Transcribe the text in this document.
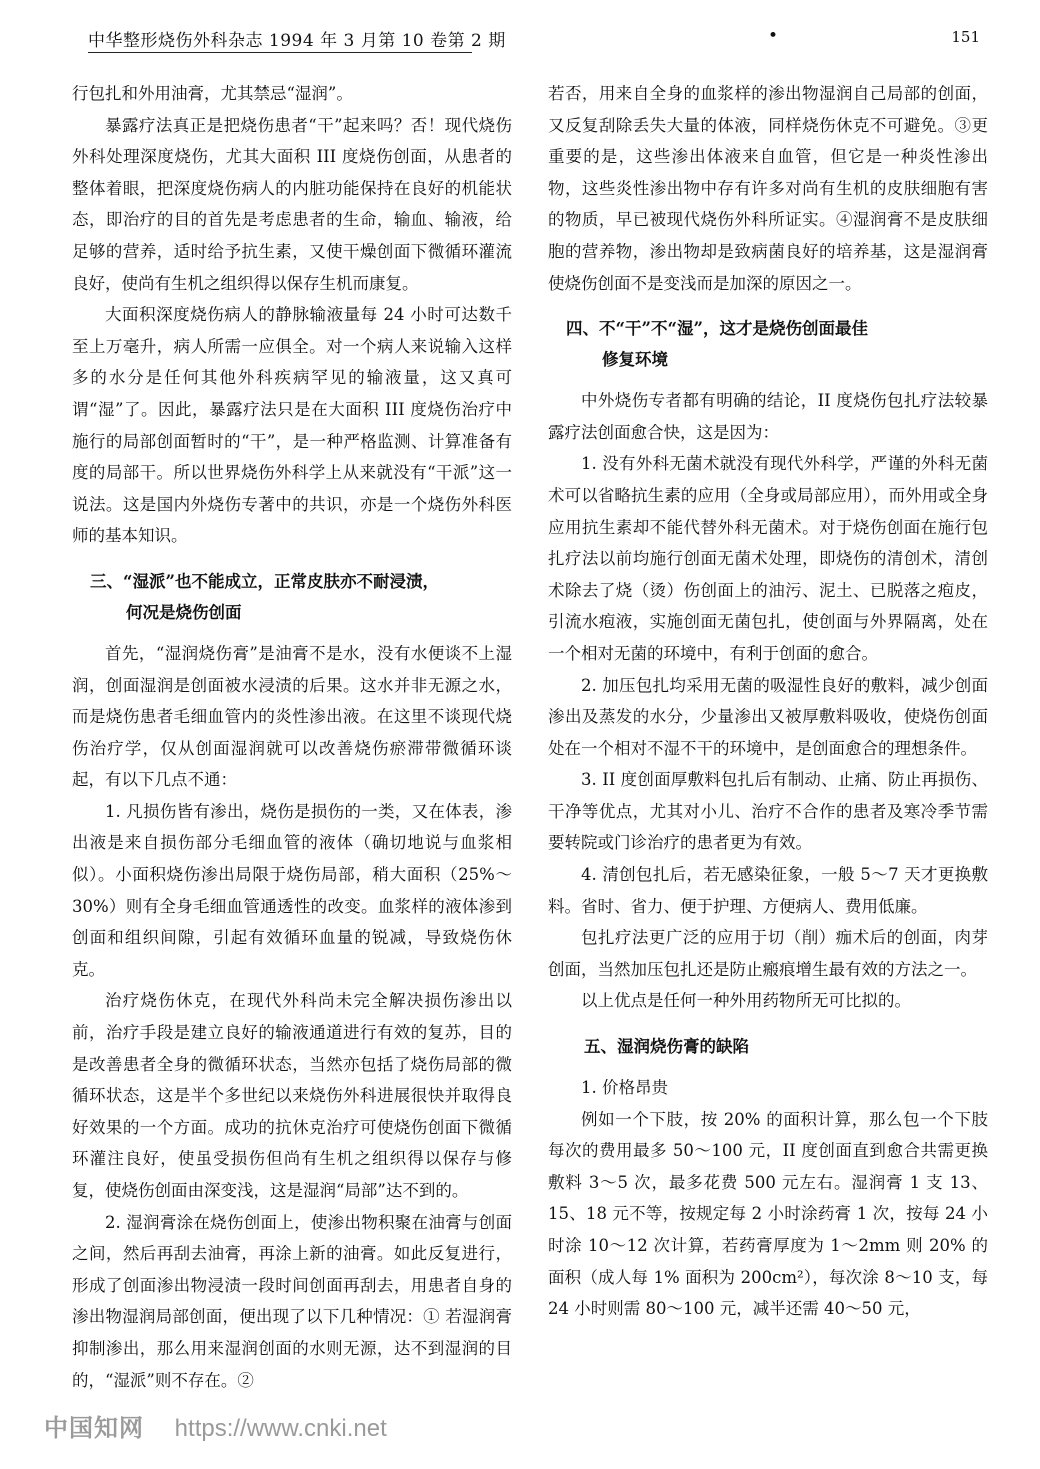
中华整形烧伤外科杂志 1994 年 3 月第 10 卷第 2 期	•	151

行包扎和外用油膏，尤其禁忌“湿润”。

暴露疗法真正是把烧伤患者“干”起来吗？否！现代烧伤外科处理深度烧伤，尤其大面积 III 度烧伤创面，从患者的整体着眼，把深度烧伤病人的内脏功能保持在良好的机能状态，即治疗的目的首先是考虑患者的生命，输血、输液，给足够的营养，适时给予抗生素，又使干燥创面下微循环灌流良好，使尚有生机之组织得以保存生机而康复。

大面积深度烧伤病人的静脉输液量每 24 小时可达数千至上万毫升，病人所需一应俱全。对一个病人来说输入这样多的水分是任何其他外科疾病罕见的输液量，这又真可谓“湿”了。因此，暴露疗法只是在大面积 III 度烧伤治疗中施行的局部创面暂时的“干”，是一种严格监测、计算准备有度的局部干。所以世界烧伤外科学上从来就没有“干派”这一说法。这是国内外烧伤专著中的共识，亦是一个烧伤外科医师的基本知识。

三、“湿派”也不能成立，正常皮肤亦不耐浸渍，
何况是烧伤创面

首先，“湿润烧伤膏”是油膏不是水，没有水便谈不上湿润，创面湿润是创面被水浸渍的后果。这水并非无源之水，而是烧伤患者毛细血管内的炎性渗出液。在这里不谈现代烧伤治疗学，仅从创面湿润就可以改善烧伤瘀滞带微循环谈起，有以下几点不通：

1. 凡损伤皆有渗出，烧伤是损伤的一类，又在体表，渗出液是来自损伤部分毛细血管的液体（确切地说与血浆相似）。小面积烧伤渗出局限于烧伤局部，稍大面积（25%～30%）则有全身毛细血管通透性的改变。血浆样的液体渗到创面和组织间隙，引起有效循环血量的锐减，导致烧伤休克。

治疗烧伤休克，在现代外科尚未完全解决损伤渗出以前，治疗手段是建立良好的输液通道进行有效的复苏，目的是改善患者全身的微循环状态，当然亦包括了烧伤局部的微循环状态，这是半个多世纪以来烧伤外科进展很快并取得良好效果的一个方面。成功的抗休克治疗可使烧伤创面下微循环灌注良好，使虽受损伤但尚有生机之组织得以保存与修复，使烧伤创面由深变浅，这是湿润“局部”达不到的。

2. 湿润膏涂在烧伤创面上，使渗出物积聚在油膏与创面之间，然后再刮去油膏，再涂上新的油膏。如此反复进行，形成了创面渗出物浸渍一段时间创面再刮去，用患者自身的渗出物湿润局部创面，便出现了以下几种情况：① 若湿润膏抑制渗出，那么用来湿润创面的水则无源，达不到湿润的目的，“湿派”则不存在。②

若否，用来自全身的血浆样的渗出物湿润自己局部的创面，又反复刮除丢失大量的体液，同样烧伤休克不可避免。③更重要的是，这些渗出体液来自血管，但它是一种炎性渗出物，这些炎性渗出物中存有许多对尚有生机的皮肤细胞有害的物质，早已被现代烧伤外科所证实。④湿润膏不是皮肤细胞的营养物，渗出物却是致病菌良好的培养基，这是湿润膏使烧伤创面不是变浅而是加深的原因之一。

四、不“干”不“湿”，这才是烧伤创面最佳
修复环境

中外烧伤专者都有明确的结论，II 度烧伤包扎疗法较暴露疗法创面愈合快，这是因为：

1. 没有外科无菌术就没有现代外科学，严谨的外科无菌术可以省略抗生素的应用（全身或局部应用），而外用或全身应用抗生素却不能代替外科无菌术。对于烧伤创面在施行包扎疗法以前均施行创面无菌术处理，即烧伤的清创术，清创术除去了烧（烫）伤创面上的油污、泥土、已脱落之疱皮，引流水疱液，实施创面无菌包扎，使创面与外界隔离，处在一个相对无菌的环境中，有利于创面的愈合。

2. 加压包扎均采用无菌的吸湿性良好的敷料，减少创面渗出及蒸发的水分，少量渗出又被厚敷料吸收，使烧伤创面处在一个相对不湿不干的环境中，是创面愈合的理想条件。

3. II 度创面厚敷料包扎后有制动、止痛、防止再损伤、干净等优点，尤其对小儿、治疗不合作的患者及寒冷季节需要转院或门诊治疗的患者更为有效。

4. 清创包扎后，若无感染征象，一般 5～7 天才更换敷料。省时、省力、便于护理、方便病人、费用低廉。

包扎疗法更广泛的应用于切（削）痂术后的创面，肉芽创面，当然加压包扎还是防止瘢痕增生最有效的方法之一。

以上优点是任何一种外用药物所无可比拟的。

五、湿润烧伤膏的缺陷

1. 价格昂贵

例如一个下肢，按 20% 的面积计算，那么包一个下肢每次的费用最多 50～100 元，II 度创面直到愈合共需更换敷料 3～5 次，最多花费 500 元左右。湿润膏 1 支 13、15、18 元不等，按规定每 2 小时涂药膏 1 次，按每 24 小时涂 10～12 次计算，若药膏厚度为 1～2mm 则 20% 的面积（成人每 1% 面积为 200cm²），每次涂 8～10 支，每 24 小时则需 80～100 元，减半还需 40～50 元，

中国知网 https://www.cnki.net
